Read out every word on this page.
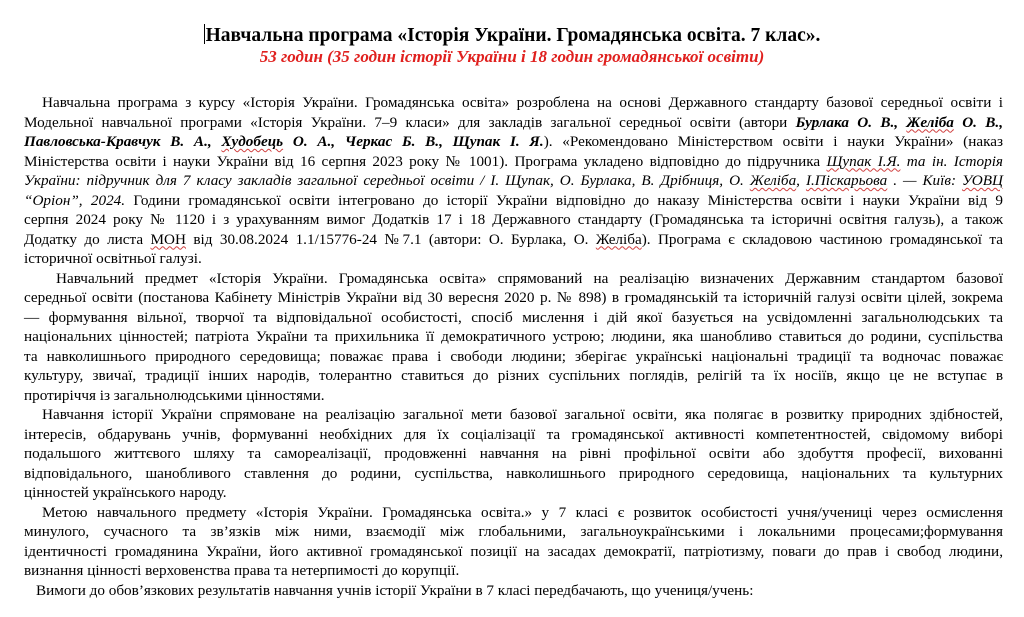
Навчальна програма «Історія України. Громадянська освіта. 7 клас».
53 годин (35 годин історії України і 18 годин громадянської освіти)
Навчальна програма з курсу «Історія України. Громадянська освіта» розроблена на основі Державного стандарту базової середньої освіти і
Модельної навчальної програми «Історія України. 7–9 класи» для закладів загальної середньої освіти (автори Бурлака О. В., Желіба О. В.,
Павловська-Кравчук В. А., Худобець О. А., Черкас Б. В., Щупак І. Я.). «Рекомендовано Міністерством освіти і науки України» (наказ
Міністерства освіти і науки України від 16 серпня 2023 року № 1001). Програма укладено відповідно до підручника Щупак І.Я. та ін. Історія
України: підручник для 7 класу закладів загальної середньої освіти / І. Щупак, О. Бурлака, В. Дрібниця, О. Желіба, І.Піскарьова . — Київ: УОВЦ
“Оріон”, 2024. Години громадянської освіти інтегровано до історії України відповідно до наказу Міністерства освіти і науки України від 9
серпня 2024 року № 1120 і з урахуванням вимог Додатків 17 і 18 Державного стандарту (Громадянська та історичні освітня галузь), а також
Додатку до листа МОН від 30.08.2024 1.1/15776-24 №7.1 (автори: О. Бурлака, О. Желіба). Програма є складовою частиною громадянської та
історичної освітньої галузі.
Навчальний предмет «Історія України. Громадянська освіта» спрямований на реалізацію визначених Державним стандартом базової
середньої освіти (постанова Кабінету Міністрів України від 30 вересня 2020 р. № 898) в громадянській та історичній галузі освіти цілей, зокрема
— формування вільної, творчої та відповідальної особистості, спосіб мислення і дій якої базується на усвідомленні загальнолюдських та
національних цінностей; патріота України та прихильника її демократичного устрою; людини, яка шанобливо ставиться до родини, суспільства
та навколишнього природного середовища; поважає права і свободи людини; зберігає українські національні традиції та водночас поважає
культуру, звичаї, традиції інших народів, толерантно ставиться до різних суспільних поглядів, релігій та їх носіїв, якщо це не вступає в
протиріччя із загальнолюдськими цінностями.
Навчання історії України спрямоване на реалізацію загальної мети базової загальної освіти, яка полягає в розвитку природних здібностей,
інтересів, обдарувань учнів, формуванні необхідних для їх соціалізації та громадянської активності компетентностей, свідомому виборі
подальшого життєвого шляху та самореалізації, продовженні навчання на рівні профільної освіти або здобуття професії, вихованні
відповідального, шанобливого ставлення до родини, суспільства, навколишнього природного середовища, національних та культурних
цінностей українського народу.
Метою навчального предмету «Історія України. Громадянська освіта.» у 7 класі є розвиток особистості учня/учениці через осмислення
минулого, сучасного та зв’язків між ними, взаємодії між глобальними, загальноукраїнськими і локальними процесами;формування
ідентичності громадянина України, його активної громадянської позиції на засадах демократії, патріотизму, поваги до прав і свобод людини,
визнання цінності верховенства права та нетерпимості до корупції.
Вимоги до обов’язкових результатів навчання учнів історії України в 7 класі передбачають, що учениця/учень:
